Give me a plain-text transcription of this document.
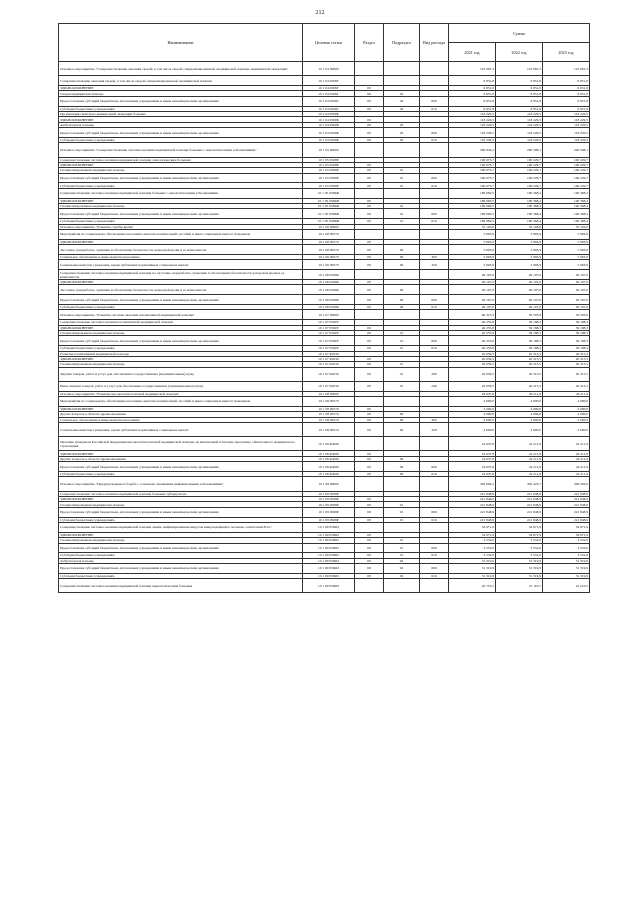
212
Наименование	Целевая статья	Раздел	Подраздел	Вид расхода	Сумма		
					2021 год	2022 год	2023 год
Основное мероприятие "Совершенствование оказания скорой, в том числе скорой специализированной, медицинской помощи, медицинской эвакуации"	10 1 04 00000				125 081,3	125 081,3	125 081,3
Совершенствование оказания скорой, в том числе скорой специализированной, медицинской помощи	10 1 04 0568Г				6 851,8	6 851,8	6 851,8
ЗДРАВООХРАНЕНИЕ	10 1 04 0568Г	09			6 851,8	6 851,8	6 851,8
Скорая медицинская помощь	10 1 04 0568Г	09	04		6 851,8	6 851,8	6 851,8
Предоставление субсидий бюджетным, автономным учреждениям и иным некоммерческим организациям	10 1 04 0568Г	09	04	600	6 851,8	6 851,8	6 851,8
Субсидии бюджетным учреждениям	10 1 04 0568Г	09	04	610	6 851,8	6 851,8	6 851,8
Организация санитарно-авиационной эвакуации больных	10 1 04 0569Б				118 229,5	118 229,5	118 229,5
ЗДРАВООХРАНЕНИЕ	10 1 04 0569Б	09			118 229,5	118 229,5	118 229,5
Амбулаторная помощь	10 1 04 0569Б	09	02		118 229,5	118 229,5	118 229,5
Предоставление субсидий бюджетным, автономным учреждениям и иным некоммерческим организациям	10 1 04 0569Б	09	02	600	118 229,5	118 229,5	118 229,5
Субсидии бюджетным учреждениям	10 1 04 0569Б	09	02	610	118 229,5	118 229,5	118 229,5
Основное мероприятие "Совершенствование системы оказания медицинской помощи больным с онкологическими заболеваниями"	10 1 05 00000				290 834,2	290 598,1	290 598,1
Совершенствование системы оказания медицинской помощи онкологическим больным	10 1 05 0568Е				100 073,7	100 229,7	100 229,7
ЗДРАВООХРАНЕНИЕ	10 1 05 0568Е	09			100 073,7	100 229,7	100 229,7
Специализированная медицинская помощь	10 1 05 0568Е	09	01		100 073,7	100 229,7	100 229,7
Предоставление субсидий бюджетным, автономным учреждениям и иным некоммерческим организациям	10 1 05 0568Е	09	01	600	100 073,7	100 229,7	100 229,7
Субсидии бюджетным учреждениям	10 1 05 0568Е	09	01	610	100 073,7	100 229,7	100 229,7
Совершенствование системы оказания медицинской помощи больным с онкологическими заболеваниями	10 1 05 0569Ж				189 060,5	190 368,4	190 368,4
ЗДРАВООХРАНЕНИЕ	10 1 05 0569Ж	09			189 060,5	190 368,4	190 368,4
Специализированная медицинская помощь	10 1 05 0569Ж	09	01		189 060,5	190 368,4	190 368,4
Предоставление субсидий бюджетным, автономным учреждениям и иным некоммерческим организациям	10 1 05 0569Ж	09	01	600	189 060,5	190 368,4	190 368,4
Субсидии бюджетным учреждениям	10 1 05 0569Ж	09	01	610	189 060,5	190 368,4	190 368,4
Основное мероприятие "Развитие службы крови"	10 1 06 00000				55 103,0	55 103,0	55 103,0
Мероприятия по социальному обеспечению населения, выплаты компенсаций, пособий и иных социальных выплат гражданам	10 1 06 00570				5 993,9	5 993,9	5 993,9
ЗДРАВООХРАНЕНИЕ	10 1 06 00570	09			5 993,9	5 993,9	5 993,9
Заготовка, переработка, хранение и обеспечение безопасности донорской крови и ее компонентов	10 1 06 00570	09	06		5 993,9	5 993,9	5 993,9
Социальное обеспечение и иные выплаты населению	10 1 06 00570	09	06	300	5 993,9	5 993,9	5 993,9
Социальные выплаты гражданам, кроме публичных нормативных социальных выплат	10 1 06 00570	09	06	320	5 993,9	5 993,9	5 993,9
Совершенствование системы оказания медицинской помощи по заготовке, переработке, хранению и обеспечению безопасности донорской крови и ее компонентов	10 1 06 0569К				49 197,0	49 197,0	49 197,0
ЗДРАВООХРАНЕНИЕ	10 1 06 0569К	09			49 197,0	49 197,0	49 197,0
Заготовка, переработка, хранение и обеспечение безопасности донорской крови и ее компонентов	10 1 06 0569К	09	06		49 197,0	49 197,0	49 197,0
Предоставление субсидий бюджетным, автономным учреждениям и иным некоммерческим организациям	10 1 06 0569К	09	06	600	49 197,0	49 197,0	49 197,0
Субсидии бюджетным учреждениям	10 1 06 0569К	09	06	610	49 197,0	49 197,0	49 197,0
Основное мероприятие "Развитие системы оказания паллиативной медицинской помощи"	10 1 07 00000				60 315,3	59 503,8	59 503,8
Совершенствование системы оказания паллиативной медицинской помощи	10 1 07 0569У				40 255,8	39 188,3	39 188,3
ЗДРАВООХРАНЕНИЕ	10 1 07 0569У	09			40 255,8	39 188,3	39 188,3
Специализированная медицинская помощь	10 1 07 0569У	09	01		40 255,8	39 188,3	39 188,3
Предоставление субсидий бюджетным, автономным учреждениям и иным некоммерческим организациям	10 1 07 0569У	09	01	600	40 255,8	39 188,3	39 188,3
Субсидии бюджетным учреждениям	10 1 07 0569У	09	01	610	40 255,8	39 188,3	39 188,3
Развитие паллиативной медицинской помощи	10 1 07 R2010				20 059,5	20 315,5	20 315,5
ЗДРАВООХРАНЕНИЕ	10 1 07 R2010	09			20 059,5	20 315,5	20 315,5
Специализированная медицинская помощь	10 1 07 R2010	09	01		20 059,5	20 315,5	20 315,5
Закупка товаров, работ и услуг для обеспечения государственных (муниципальных) нужд	10 1 07 R2010	09	01	200	20 059,5	20 315,5	20 315,5
Иные закупки товаров, работ и услуг для обеспечения государственных (муниципальных) нужд	10 1 07 R2010	09	01	240	20 059,5	20 315,5	20 315,5
Основное мероприятие "Развитие высокотехнологичной медицинской помощи"	10 1 08 00000				28 637,8	28 211,9	28 211,9
Мероприятия по социальному обеспечению населения, выплаты компенсаций, пособий и иных социальных выплат гражданам	10 1 08 00570				4 000,0	4 000,0	4 000,0
ЗДРАВООХРАНЕНИЕ	10 1 08 00570	09			4 000,0	4 000,0	4 000,0
Другие вопросы в области здравоохранения	10 1 08 00570	09	09		4 000,0	4 000,0	4 000,0
Социальное обеспечение и иные выплаты населению	10 1 08 00570	09	09	300	4 000,0	4 000,0	4 000,0
Социальные выплаты гражданам, кроме публичных нормативных социальных выплат	10 1 08 00570	09	09	320	4 000,0	4 000,0	4 000,0
Оказание гражданам Российской Федерации высокотехнологичной медицинской помощи, не включенной в базовую программу обязательного медицинского страхования	10 1 08 R4020				24 637,8	24 211,9	24 211,9
ЗДРАВООХРАНЕНИЕ	10 1 08 R4020	09			24 637,8	24 211,9	24 211,9
Другие вопросы в области здравоохранения	10 1 08 R4020	09	09		24 637,8	24 211,9	24 211,9
Предоставление субсидий бюджетным, автономным учреждениям и иным некоммерческим организациям	10 1 08 R4020	09	09	600	24 637,8	24 211,9	24 211,9
Субсидии бюджетным учреждениям	10 1 08 R4020	09	09	610	24 637,8	24 211,9	24 211,9
Основное мероприятие "Предупреждение и борьба с социально значимыми инфекционными заболеваниями"	10 1 09 00000				304 684,2	305 423,7	306 202,6
Совершенствование системы оказания медицинской помощи больным туберкулезом	10 1 09 0568Р				221 848,9	221 848,9	221 848,9
ЗДРАВООХРАНЕНИЕ	10 1 09 0568Р	09			221 848,9	221 848,9	221 848,9
Специализированная медицинская помощь	10 1 09 0568Р	09	01		221 848,9	221 848,9	221 848,9
Предоставление субсидий бюджетным, автономным учреждениям и иным некоммерческим организациям	10 1 09 0568Р	09	01	600	221 848,9	221 848,9	221 848,9
Субсидии бюджетным учреждениям	10 1 09 0568Р	09	01	610	221 848,9	221 848,9	221 848,9
Совершенствование системы оказания медицинской помощи лицам, инфицированным вирусом иммунодефицита человека, гепатитами B и C	10 1 09 0569О				34 971,9	34 871,9	34 871,9
ЗДРАВООХРАНЕНИЕ	10 1 09 0569О	09			34 971,9	34 871,9	34 871,9
Специализированная медицинская помощь	10 1 09 0569О	09	01		3 552,0	3 552,0	3 552,0
Предоставление субсидий бюджетным, автономным учреждениям и иным некоммерческим организациям	10 1 09 0569О	09	01	600	3 552,0	3 552,0	3 552,0
Субсидии бюджетным учреждениям	10 1 09 0569О	09	01	610	3 552,0	3 552,0	3 552,0
Амбулаторная помощь	10 1 09 0569О	09	02		31 319,9	31 319,9	31 319,9
Предоставление субсидий бюджетным, автономным учреждениям и иным некоммерческим организациям	10 1 09 0569О	09	02	600	31 319,9	31 319,9	31 319,9
Субсидии бюджетным учреждениям	10 1 09 0569О	09	02	610	31 319,9	31 319,9	31 319,9
Совершенствование системы оказания медицинской помощи наркологическим больным	10 1 09 0569П				20 710,5	21 110,7	22 210,5
